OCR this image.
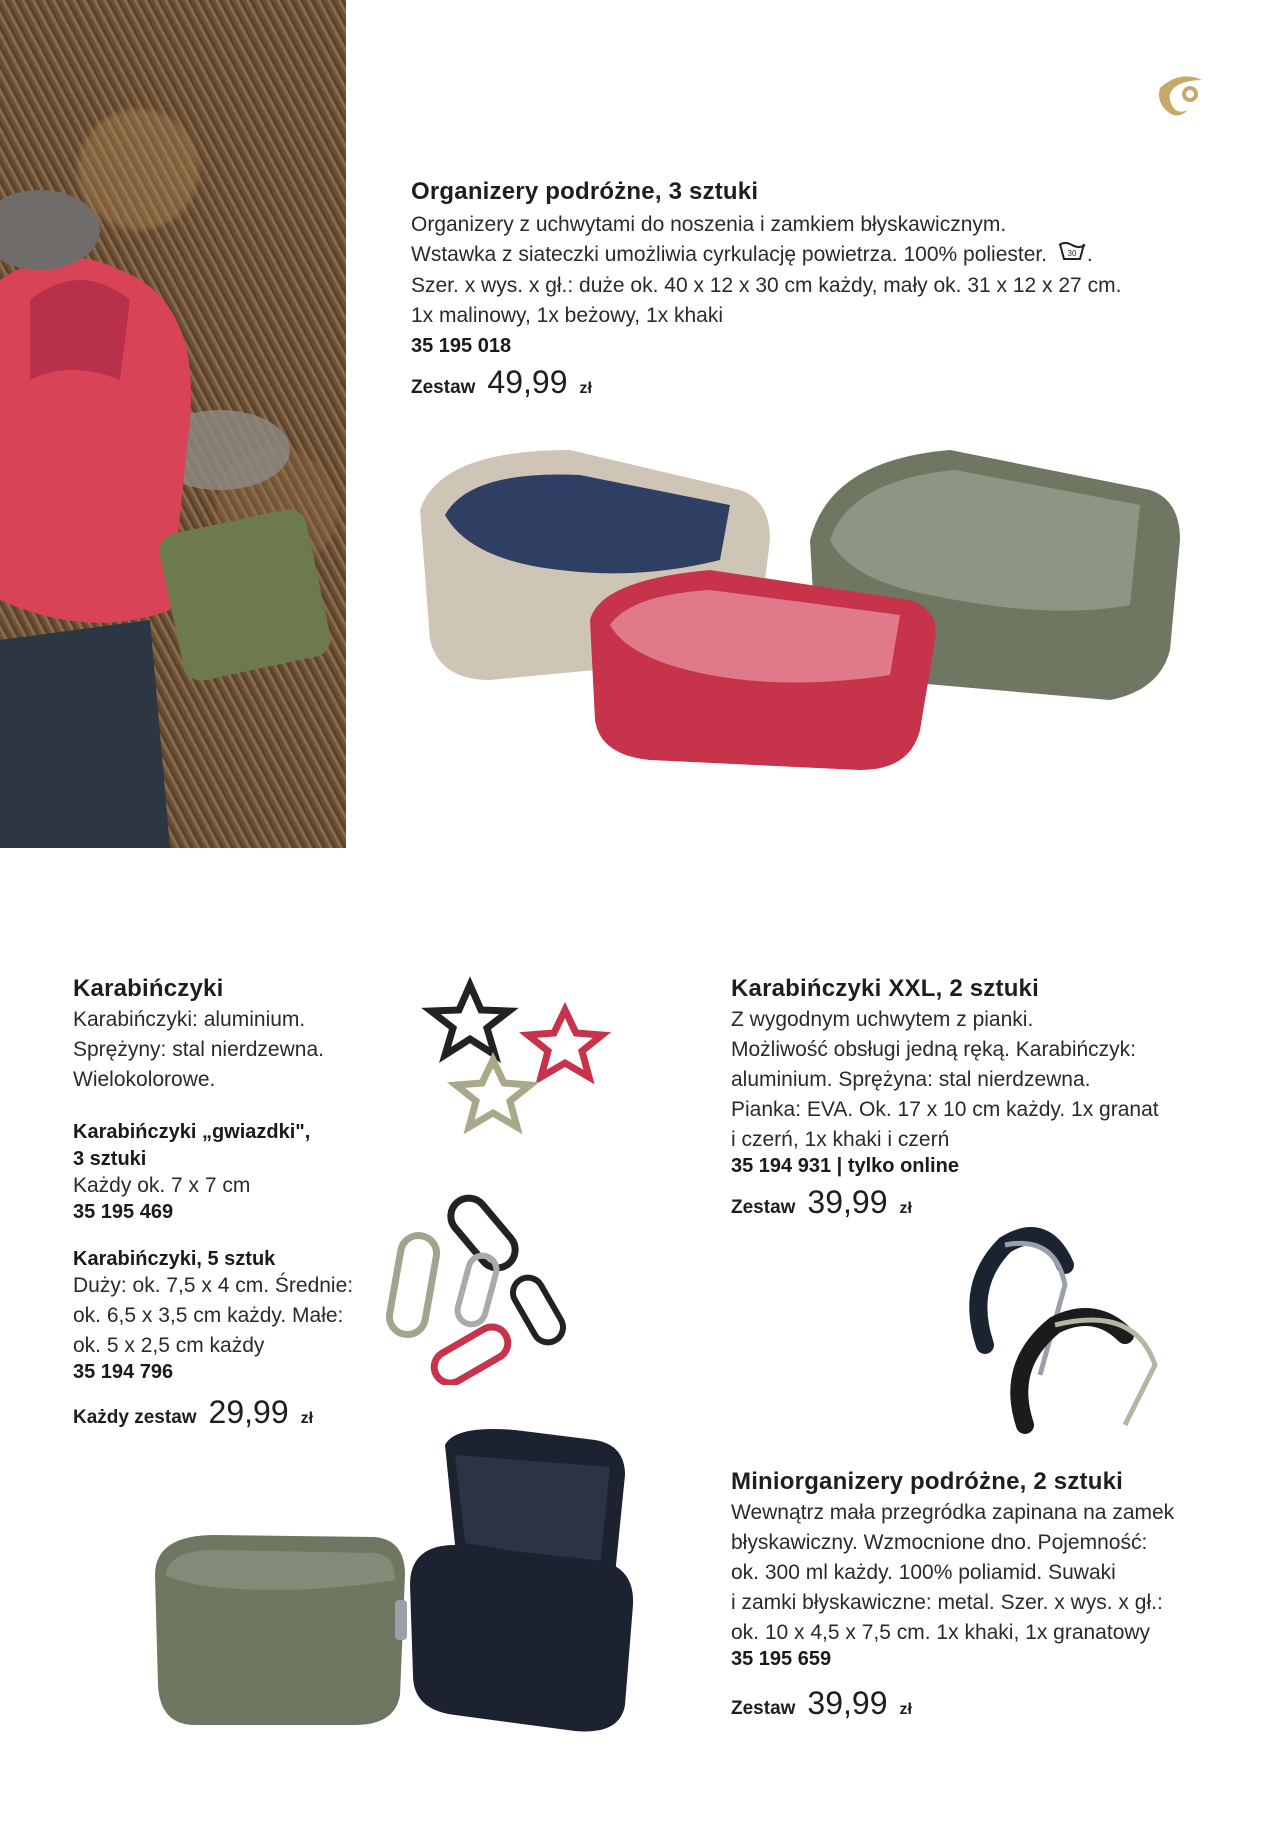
Organizery podróżne, 3 sztuki
Organizery z uchwytami do noszenia i zamkiem błyskawicznym.
Wstawka z siateczki umożliwia cyrkulację powietrza. 100% poliester.	30 .
Szer. x wys. x gł.: duże ok. 40 x 12 x 30 cm każdy, mały ok. 31 x 12 x 27 cm.
1x malinowy, 1x beżowy, 1x khaki
35 195 018
Zestaw 49,99 zł
Karabińczyki
Karabińczyki: aluminium.
Sprężyny: stal nierdzewna.
Wielokolorowe.
Karabińczyki „gwiazdki",
3 sztuki
Każdy ok. 7 x 7 cm
35 195 469
Karabińczyki, 5 sztuk
Duży: ok. 7,5 x 4 cm. Średnie:
ok. 6,5 x 3,5 cm każdy. Małe:
ok. 5 x 2,5 cm każdy
35 194 796
Każdy zestaw 29,99 zł
Karabińczyki XXL, 2 sztuki
Z wygodnym uchwytem z pianki.
Możliwość obsługi jedną ręką. Karabińczyk:
aluminium. Sprężyna: stal nierdzewna.
Pianka: EVA. Ok. 17 x 10 cm każdy. 1x granat
i czerń, 1x khaki i czerń
35 194 931 | tylko online
Zestaw 39,99 zł
Miniorganizery podróżne, 2 sztuki
Wewnątrz mała przegródka zapinana na zamek
błyskawiczny. Wzmocnione dno. Pojemność:
ok. 300 ml każdy. 100% poliamid. Suwaki
i zamki błyskawiczne: metal. Szer. x wys. x gł.:
ok. 10 x 4,5 x 7,5 cm. 1x khaki, 1x granatowy
35 195 659
Zestaw 39,99 zł
